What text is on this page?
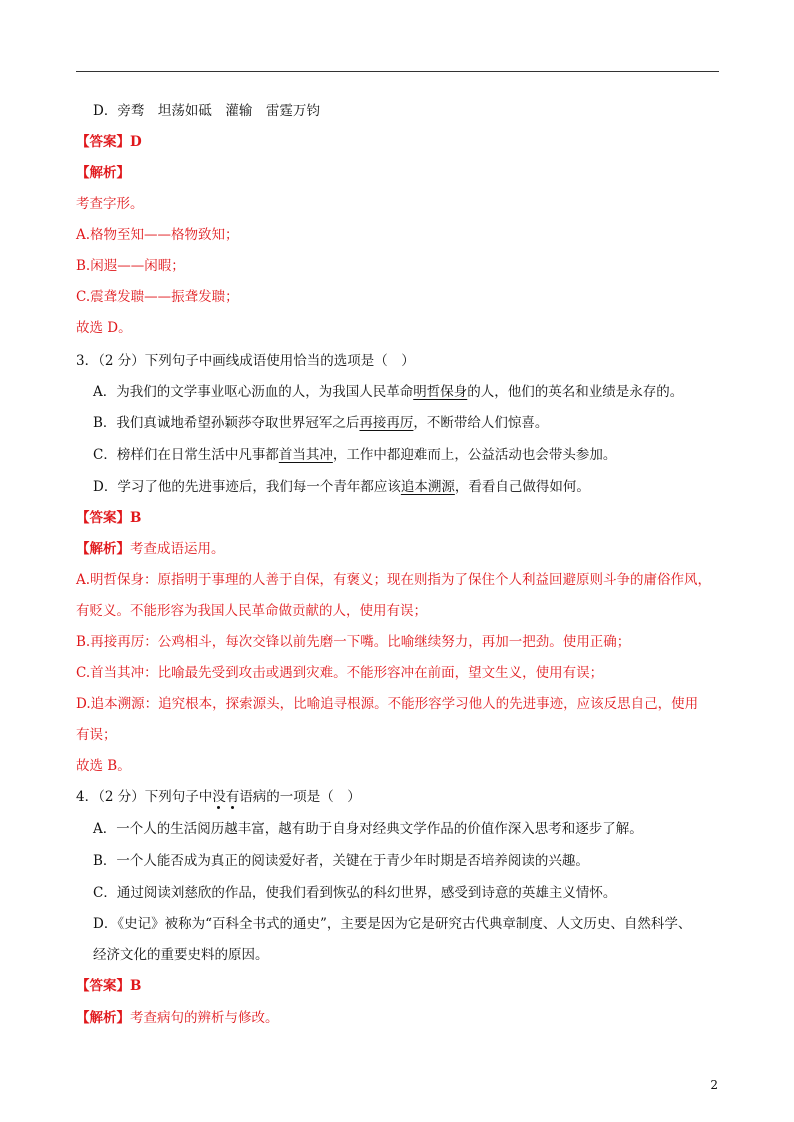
D．旁骛　坦荡如砥　灌输　雷霆万钧
【答案】D
【解析】
考查字形。
A.格物至知——格物致知；
B.闲遐——闲暇；
C.震聋发聩——振聋发聩；
故选 D。
3．（2 分）下列句子中画线成语使用恰当的选项是（　）
A．为我们的文学事业呕心沥血的人，为我国人民革命明哲保身的人，他们的英名和业绩是永存的。
B．我们真诚地希望孙颖莎夺取世界冠军之后再接再厉，不断带给人们惊喜。
C．榜样们在日常生活中凡事都首当其冲，工作中都迎难而上，公益活动也会带头参加。
D．学习了他的先进事迹后，我们每一个青年都应该追本溯源，看看自己做得如何。
【答案】B
【解析】考查成语运用。
A.明哲保身：原指明于事理的人善于自保，有褒义；现在则指为了保住个人利益回避原则斗争的庸俗作风，
有贬义。不能形容为我国人民革命做贡献的人，使用有误；
B.再接再厉：公鸡相斗，每次交锋以前先磨一下嘴。比喻继续努力，再加一把劲。使用正确；
C.首当其冲：比喻最先受到攻击或遇到灾难。不能形容冲在前面，望文生义，使用有误；
D.追本溯源：追究根本，探索源头，比喻追寻根源。不能形容学习他人的先进事迹，应该反思自己，使用
有误；
故选 B。
4．（2 分）下列句子中没有语病的一项是（　）
A．一个人的生活阅历越丰富，越有助于自身对经典文学作品的价值作深入思考和逐步了解。
B．一个人能否成为真正的阅读爱好者，关键在于青少年时期是否培养阅读的兴趣。
C．通过阅读刘慈欣的作品，使我们看到恢弘的科幻世界，感受到诗意的英雄主义情怀。
D．《史记》被称为“百科全书式的通史”，主要是因为它是研究古代典章制度、人文历史、自然科学、
经济文化的重要史料的原因。
【答案】B
【解析】考查病句的辨析与修改。
2
